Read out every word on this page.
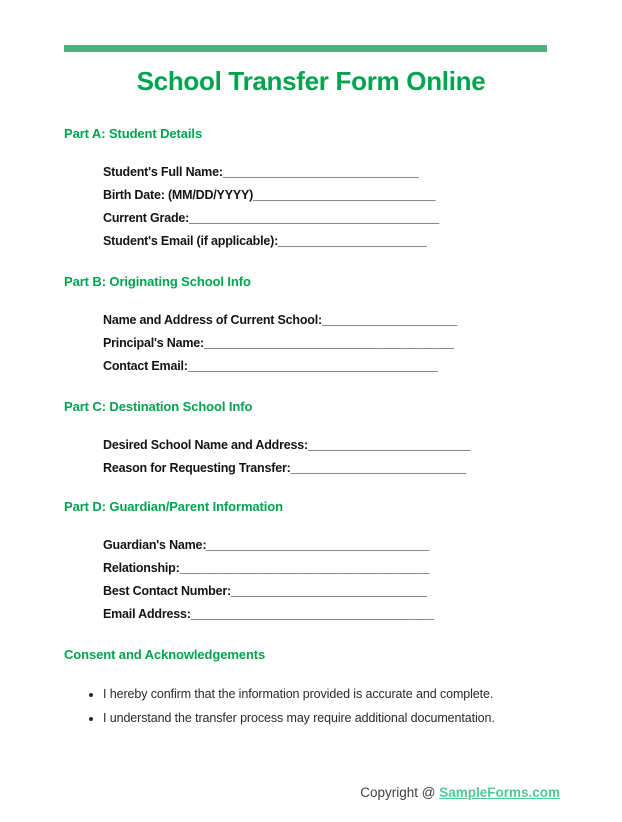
School Transfer Form Online
Part A: Student Details
Student's Full Name:_____________________________
Birth Date: (MM/DD/YYYY)___________________________
Current Grade:_____________________________________
Student's Email (if applicable):______________________
Part B: Originating School Info
Name and Address of Current School:____________________
Principal's Name:_____________________________________
Contact Email:_____________________________________
Part C: Destination School Info
Desired School Name and Address:________________________
Reason for Requesting Transfer:__________________________
Part D: Guardian/Parent Information
Guardian's Name:_________________________________
Relationship:_____________________________________
Best Contact Number:_____________________________
Email Address:____________________________________
Consent and Acknowledgements
• I hereby confirm that the information provided is accurate and complete.
• I understand the transfer process may require additional documentation.
Copyright @ SampleForms.com
